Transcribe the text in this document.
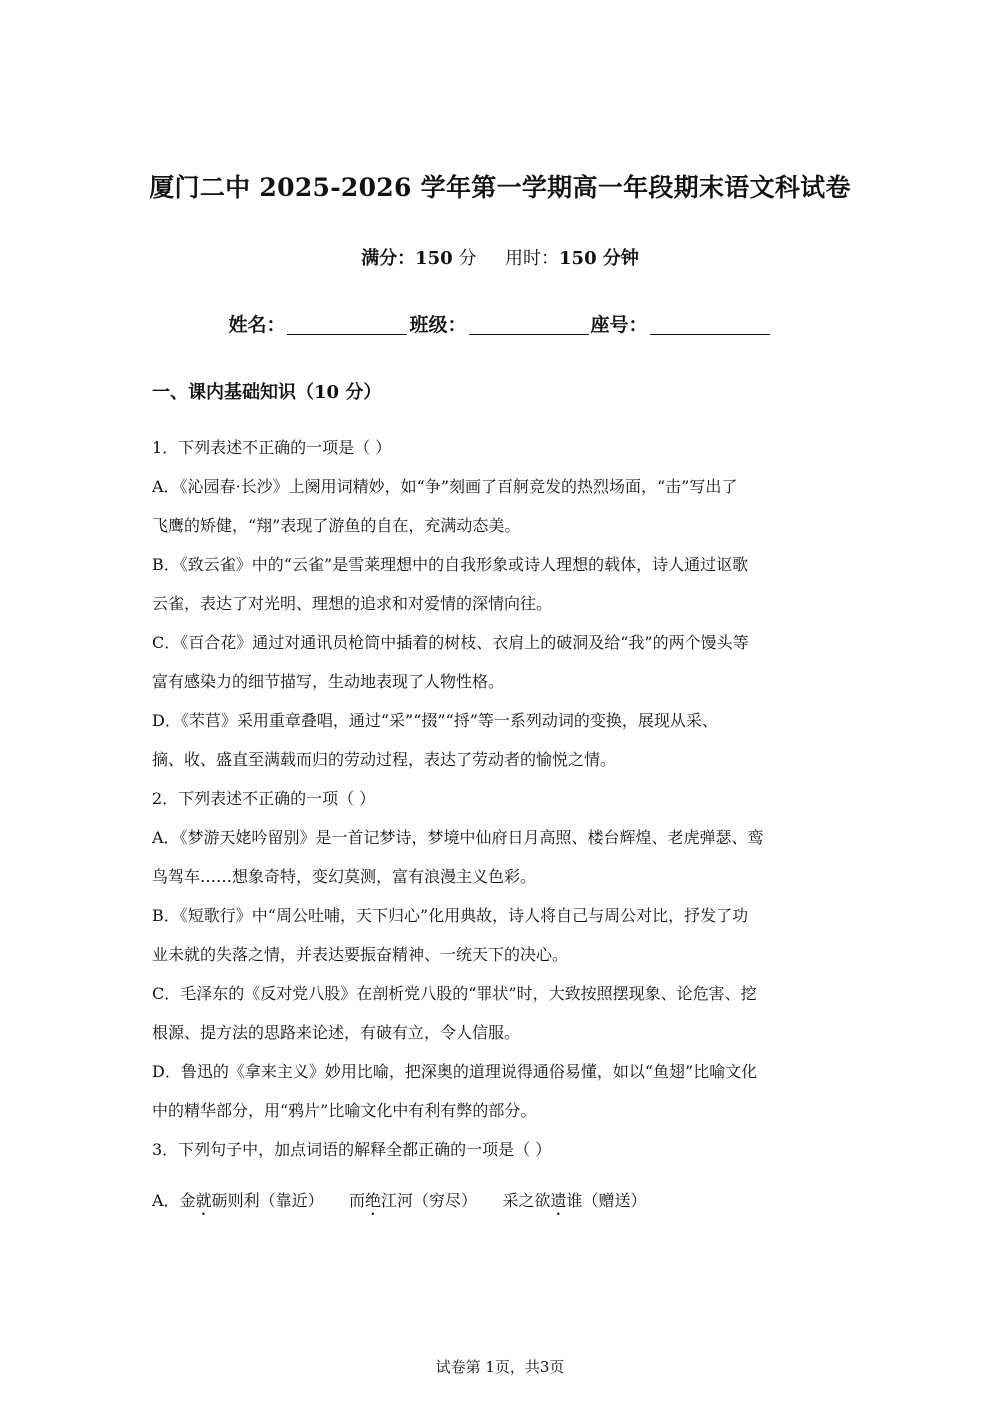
厦门二中 2025-2026 学年第一学期高一年段期末语文科试卷
满分：150 分 用时：150 分钟
姓名：	班级：	座号：
一、课内基础知识（10 分）
1．下列表述不正确的一项是（ ）
A．《沁园春·长沙》上阕用词精妙，如“争”刻画了百舸竞发的热烈场面，“击”写出了
飞鹰的矫健，“翔”表现了游鱼的自在，充满动态美。
B．《致云雀》中的“云雀”是雪莱理想中的自我形象或诗人理想的载体，诗人通过讴歌
云雀，表达了对光明、理想的追求和对爱情的深情向往。
C．《百合花》通过对通讯员枪筒中插着的树枝、衣肩上的破洞及给“我”的两个馒头等
富有感染力的细节描写，生动地表现了人物性格。
D．《芣苢》采用重章叠唱，通过“采”“掇”“捋”等一系列动词的变换，展现从采、
摘、收、盛直至满载而归的劳动过程，表达了劳动者的愉悦之情。
2．下列表述不正确的一项（ ）
A．《梦游天姥吟留别》是一首记梦诗，梦境中仙府日月高照、楼台辉煌、老虎弹瑟、鸾
鸟驾车……想象奇特，变幻莫测，富有浪漫主义色彩。
B．《短歌行》中“周公吐哺，天下归心”化用典故，诗人将自己与周公对比，抒发了功
业未就的失落之情，并表达要振奋精神、一统天下的决心。
C．毛泽东的《反对党八股》在剖析党八股的“罪状”时，大致按照摆现象、论危害、挖
根源、提方法的思路来论述，有破有立，令人信服。
D．鲁迅的《拿来主义》妙用比喻，把深奥的道理说得通俗易懂，如以“鱼翅”比喻文化
中的精华部分，用“鸦片”比喻文化中有利有弊的部分。
3．下列句子中，加点词语的解释全都正确的一项是（ ）
A．金就砺则利（靠近）     而绝江河（穷尽）     采之欲遗谁（赠送）
试卷第 1页，共3页
